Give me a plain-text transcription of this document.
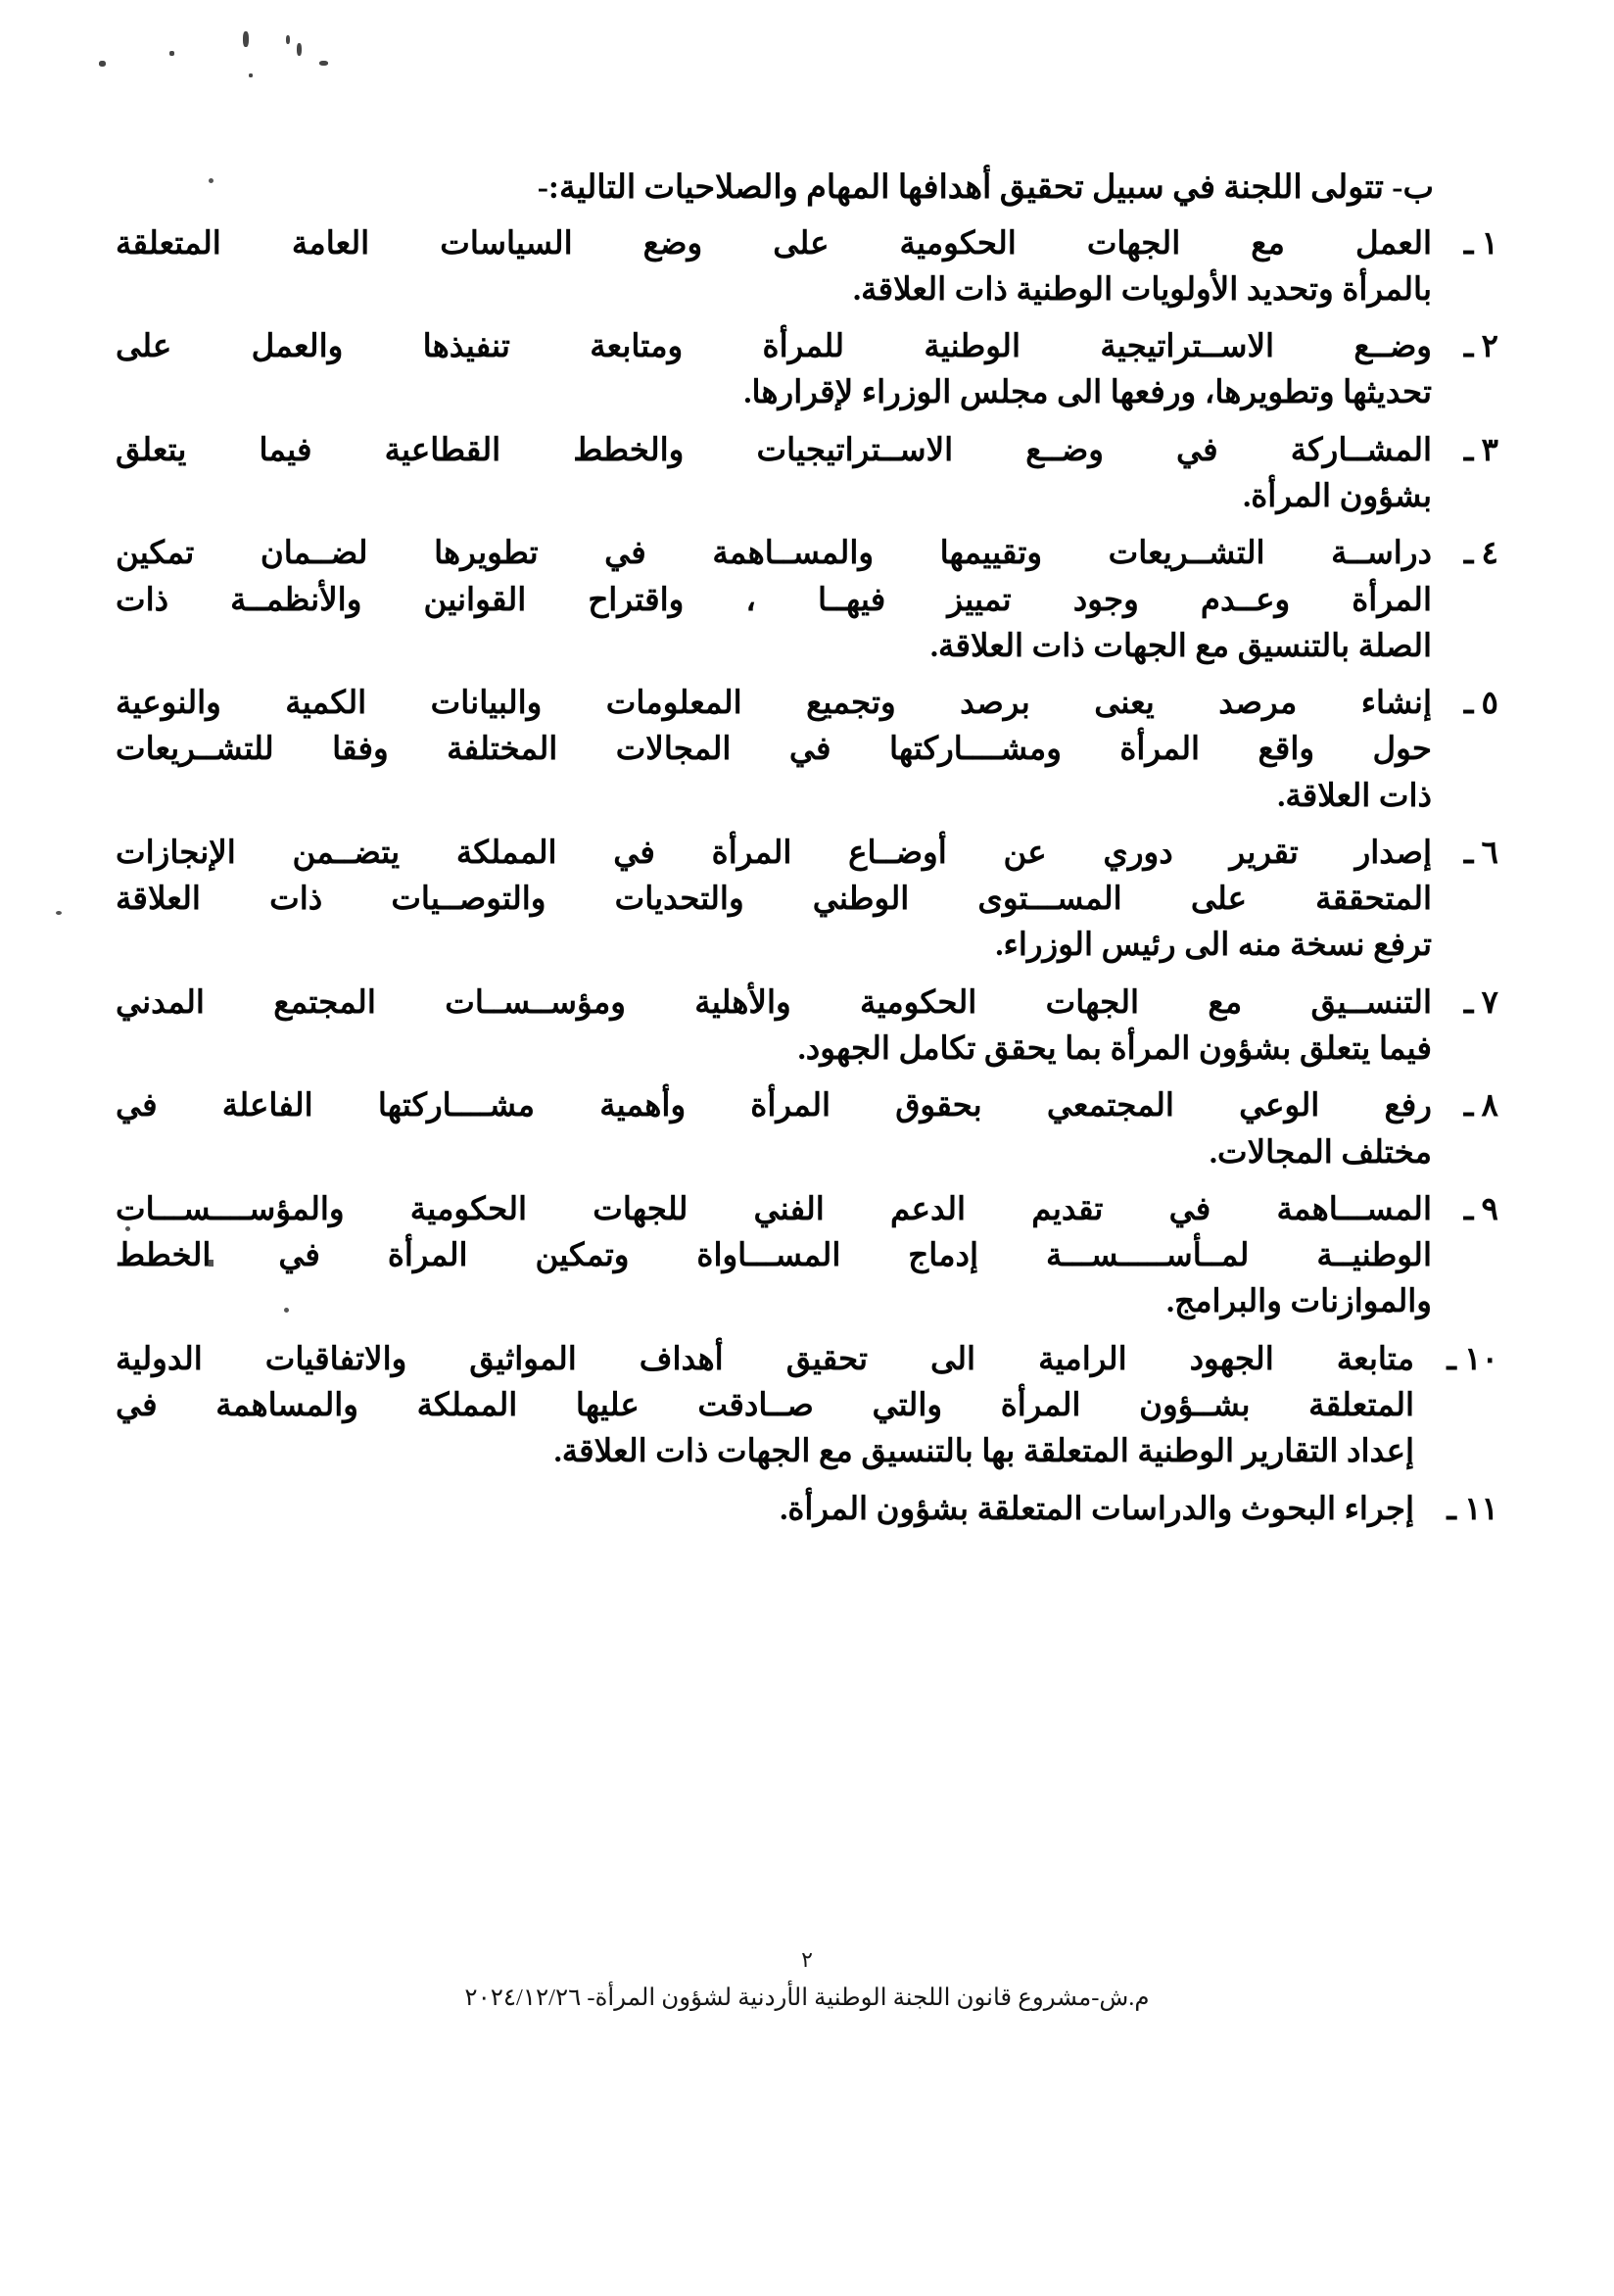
ب- تتولى اللجنة في سبيل تحقيق أهدافها المهام والصلاحيات التالية:-

١ ـ
العمل مع الجهات الحكومية على وضع السياسات العامة المتعلقة
بالمرأة وتحديد الأولويات الوطنية ذات العلاقة.
٢ ـ
وضــع الاســتراتيجية الوطنية للمرأة ومتابعة تنفيذها والعمل على
تحديثها وتطويرها، ورفعها الى مجلس الوزراء لإقرارها.
٣ ـ
المشــاركة في وضــع الاســتراتيجيات والخطط القطاعية فيما يتعلق
بشؤون المرأة.
٤ ـ
دراســة التشــريعات وتقييمها والمســاهمة في تطويرها لضــمان تمكين
المرأة وعــدم وجود تمييز فيهــا ، واقتراح القوانين والأنظمــة ذات
الصلة بالتنسيق مع الجهات ذات العلاقة.
٥ ـ
إنشاء مرصد يعنى برصد وتجميع المعلومات والبيانات الكمية والنوعية
حول واقع المرأة ومشــــاركتها في المجالات المختلفة وفقا للتشــريعات
ذات العلاقة.
٦ ـ
إصدار تقرير دوري عن أوضــاع المرأة في المملكة يتضــمن الإنجازات
المتحققة على المســـتوى الوطني والتحديات والتوصــيات ذات العلاقة
ترفع نسخة منه الى رئيس الوزراء.
٧ ـ
التنســيق مع الجهات الحكومية والأهلية ومؤســســات المجتمع المدني
فيما يتعلق بشؤون المرأة بما يحقق تكامل الجهود.
٨ ـ
رفع الوعي المجتمعي بحقوق المرأة وأهمية مشــــاركتها الفاعلة في
مختلف المجالات.
٩ ـ
المســـاهمة في تقديم الدعم الفني للجهات الحكومية والمؤســــســـات
الوطنيــة لمــأســـــســـة إدماج المســـاواة وتمكين المرأة في الخطط
والموازنات والبرامج.
١٠ ـ
متابعة الجهود الرامية الى تحقيق أهداف المواثيق والاتفاقيات الدولية
المتعلقة بشــؤون المرأة والتي صــادقت عليها المملكة والمساهمة في
إعداد التقارير الوطنية المتعلقة بها بالتنسيق مع الجهات ذات العلاقة.
١١ ـ
إجراء البحوث والدراسات المتعلقة بشؤون المرأة.
٢
م.ش-مشروع قانون اللجنة الوطنية الأردنية لشؤون المرأة- ٢٠٢٤/١٢/٢٦
